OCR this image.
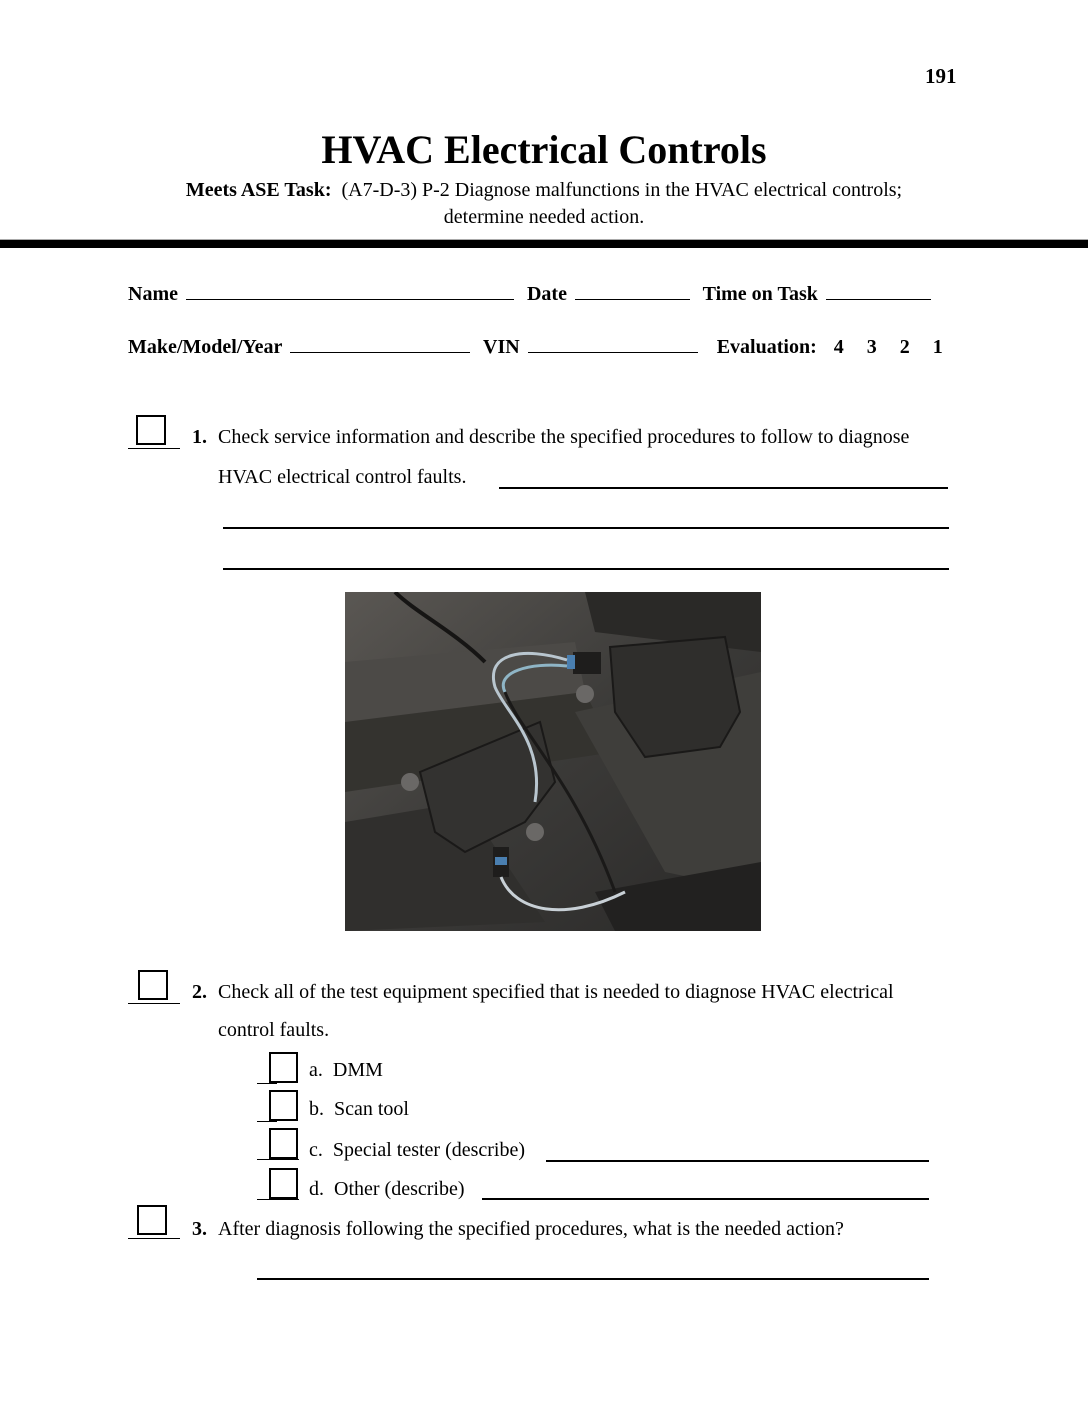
191
HVAC Electrical Controls
Meets ASE Task: (A7-D-3) P-2 Diagnose malfunctions in the HVAC electrical controls;
determine needed action.
Name	Date	Time on Task
Make/Model/Year	VIN	Evaluation: 4 3 2 1
1. Check service information and describe the specified procedures to follow to diagnose
HVAC electrical control faults.
2. Check all of the test equipment specified that is needed to diagnose HVAC electrical
control faults.
a. DMM
b. Scan tool
c. Special tester (describe)
d. Other (describe)
3. After diagnosis following the specified procedures, what is the needed action?
